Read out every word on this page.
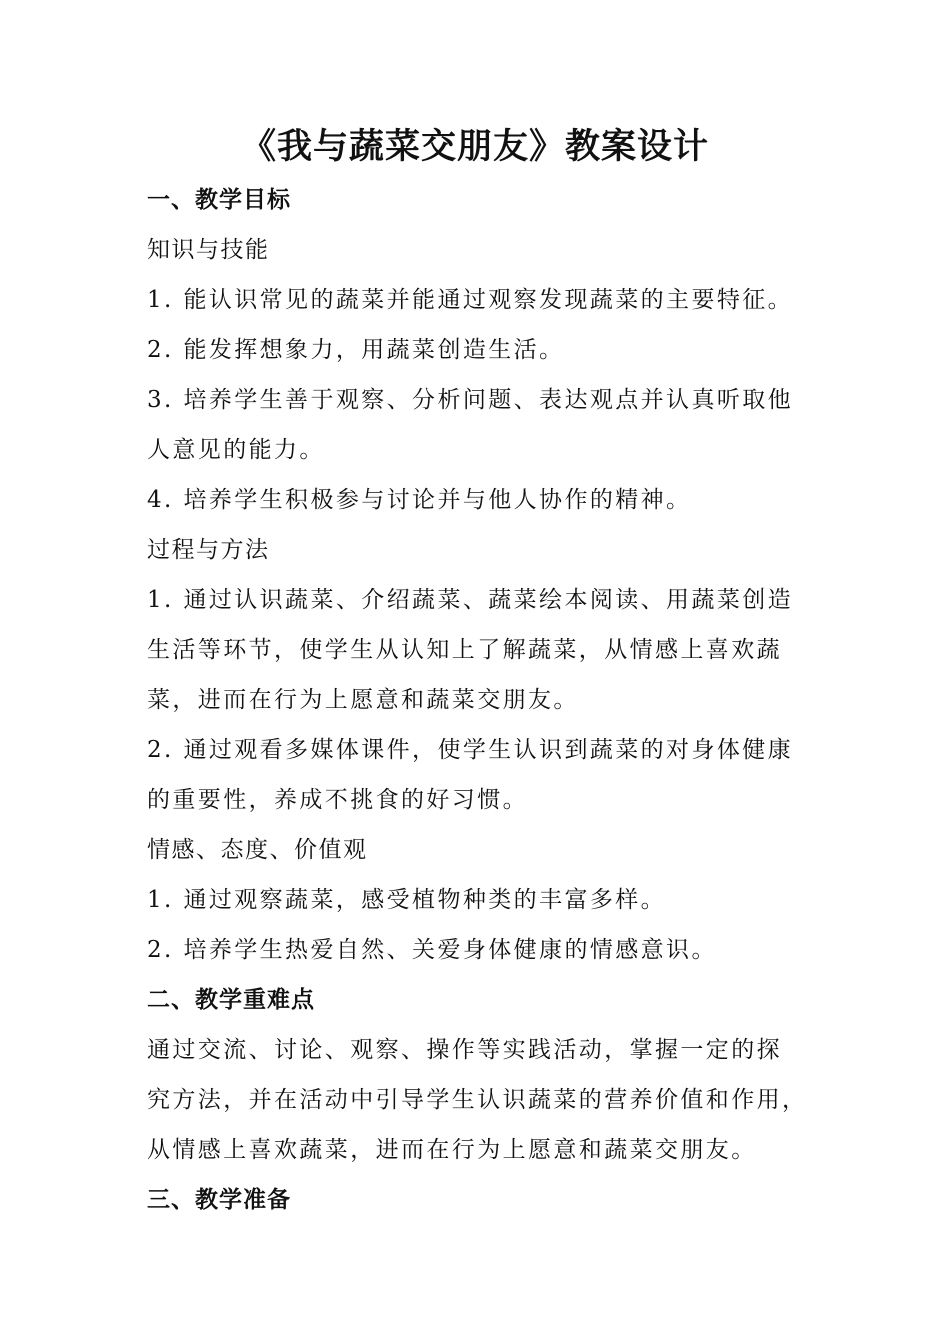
《我与蔬菜交朋友》教案设计
一、教学目标
知识与技能
1. 能认识常见的蔬菜并能通过观察发现蔬菜的主要特征。
2. 能发挥想象力，用蔬菜创造生活。
3. 培养学生善于观察、分析问题、表达观点并认真听取他
人意见的能力。
4. 培养学生积极参与讨论并与他人协作的精神。
过程与方法
1. 通过认识蔬菜、介绍蔬菜、蔬菜绘本阅读、用蔬菜创造
生活等环节，使学生从认知上了解蔬菜，从情感上喜欢蔬
菜，进而在行为上愿意和蔬菜交朋友。
2. 通过观看多媒体课件，使学生认识到蔬菜的对身体健康
的重要性，养成不挑食的好习惯。
情感、态度、价值观
1. 通过观察蔬菜，感受植物种类的丰富多样。
2. 培养学生热爱自然、关爱身体健康的情感意识。
二、教学重难点
通过交流、讨论、观察、操作等实践活动，掌握一定的探
究方法，并在活动中引导学生认识蔬菜的营养价值和作用，
从情感上喜欢蔬菜，进而在行为上愿意和蔬菜交朋友。
三、教学准备
